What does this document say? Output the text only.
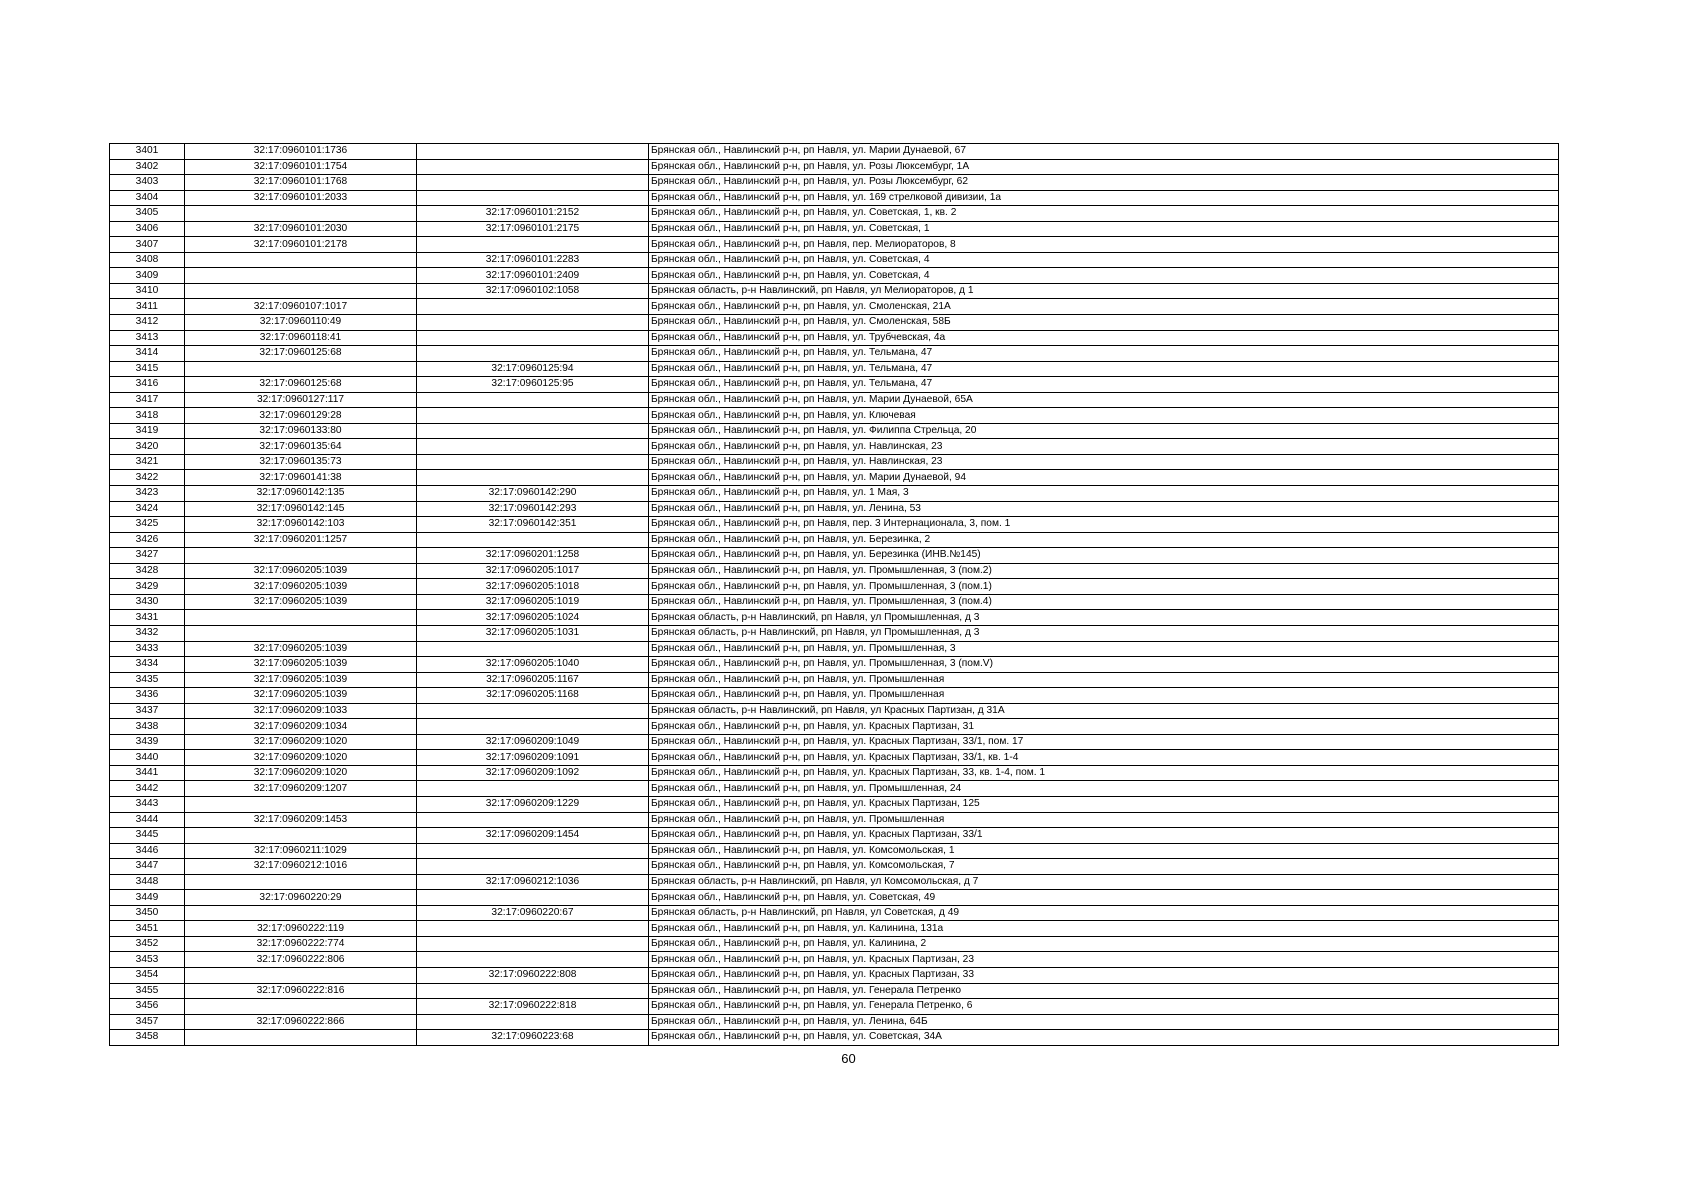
3401	32:17:0960101:1736		Брянская обл., Навлинский р-н, рп Навля, ул. Марии Дунаевой, 67
3402	32:17:0960101:1754		Брянская обл., Навлинский р-н, рп Навля, ул. Розы Люксембург, 1А
3403	32:17:0960101:1768		Брянская обл., Навлинский р-н, рп Навля, ул. Розы Люксембург, 62
3404	32:17:0960101:2033		Брянская обл., Навлинский р-н, рп Навля, ул. 169 стрелковой дивизии, 1а
3405		32:17:0960101:2152	Брянская обл., Навлинский р-н, рп Навля, ул. Советская, 1, кв. 2
3406	32:17:0960101:2030	32:17:0960101:2175	Брянская обл., Навлинский р-н, рп Навля, ул. Советская, 1
3407	32:17:0960101:2178		Брянская обл., Навлинский р-н, рп Навля, пер. Мелиораторов, 8
3408		32:17:0960101:2283	Брянская обл., Навлинский р-н, рп Навля, ул. Советская, 4
3409		32:17:0960101:2409	Брянская обл., Навлинский р-н, рп Навля, ул. Советская, 4
3410		32:17:0960102:1058	Брянская область, р-н Навлинский, рп Навля, ул Мелиораторов, д 1
3411	32:17:0960107:1017		Брянская обл., Навлинский р-н, рп Навля, ул. Смоленская, 21А
3412	32:17:0960110:49		Брянская обл., Навлинский р-н, рп Навля, ул. Смоленская, 58Б
3413	32:17:0960118:41		Брянская обл., Навлинский р-н, рп Навля, ул. Трубчевская, 4а
3414	32:17:0960125:68		Брянская обл., Навлинский р-н, рп Навля, ул. Тельмана, 47
3415		32:17:0960125:94	Брянская обл., Навлинский р-н, рп Навля, ул. Тельмана, 47
3416	32:17:0960125:68	32:17:0960125:95	Брянская обл., Навлинский р-н, рп Навля, ул. Тельмана, 47
3417	32:17:0960127:117		Брянская обл., Навлинский р-н, рп Навля, ул. Марии Дунаевой, 65А
3418	32:17:0960129:28		Брянская обл., Навлинский р-н, рп Навля, ул. Ключевая
3419	32:17:0960133:80		Брянская обл., Навлинский р-н, рп Навля, ул. Филиппа Стрельца, 20
3420	32:17:0960135:64		Брянская обл., Навлинский р-н, рп Навля, ул. Навлинская, 23
3421	32:17:0960135:73		Брянская обл., Навлинский р-н, рп Навля, ул. Навлинская, 23
3422	32:17:0960141:38		Брянская обл., Навлинский р-н, рп Навля, ул. Марии Дунаевой, 94
3423	32:17:0960142:135	32:17:0960142:290	Брянская обл., Навлинский р-н, рп Навля, ул. 1 Мая, 3
3424	32:17:0960142:145	32:17:0960142:293	Брянская обл., Навлинский р-н, рп Навля, ул. Ленина, 53
3425	32:17:0960142:103	32:17:0960142:351	Брянская обл., Навлинский р-н, рп Навля, пер. 3 Интернационала, 3, пом. 1
3426	32:17:0960201:1257		Брянская обл., Навлинский р-н, рп Навля, ул. Березинка, 2
3427		32:17:0960201:1258	Брянская обл., Навлинский р-н, рп Навля, ул. Березинка (ИНВ.№145)
3428	32:17:0960205:1039	32:17:0960205:1017	Брянская обл., Навлинский р-н, рп Навля, ул. Промышленная, 3 (пом.2)
3429	32:17:0960205:1039	32:17:0960205:1018	Брянская обл., Навлинский р-н, рп Навля, ул. Промышленная, 3 (пом.1)
3430	32:17:0960205:1039	32:17:0960205:1019	Брянская обл., Навлинский р-н, рп Навля, ул. Промышленная, 3 (пом.4)
3431		32:17:0960205:1024	Брянская область, р-н Навлинский, рп Навля, ул Промышленная, д 3
3432		32:17:0960205:1031	Брянская область, р-н Навлинский, рп Навля, ул Промышленная, д 3
3433	32:17:0960205:1039		Брянская обл., Навлинский р-н, рп Навля, ул. Промышленная, 3
3434	32:17:0960205:1039	32:17:0960205:1040	Брянская обл., Навлинский р-н, рп Навля, ул. Промышленная, 3 (пом.V)
3435	32:17:0960205:1039	32:17:0960205:1167	Брянская обл., Навлинский р-н, рп Навля, ул. Промышленная
3436	32:17:0960205:1039	32:17:0960205:1168	Брянская обл., Навлинский р-н, рп Навля, ул. Промышленная
3437	32:17:0960209:1033		Брянская область, р-н Навлинский, рп Навля, ул Красных Партизан, д 31А
3438	32:17:0960209:1034		Брянская обл., Навлинский р-н, рп Навля, ул. Красных Партизан, 31
3439	32:17:0960209:1020	32:17:0960209:1049	Брянская обл., Навлинский р-н, рп Навля, ул. Красных Партизан, 33/1, пом. 17
3440	32:17:0960209:1020	32:17:0960209:1091	Брянская обл., Навлинский р-н, рп Навля, ул. Красных Партизан, 33/1, кв. 1-4
3441	32:17:0960209:1020	32:17:0960209:1092	Брянская обл., Навлинский р-н, рп Навля, ул. Красных Партизан, 33, кв. 1-4, пом. 1
3442	32:17:0960209:1207		Брянская обл., Навлинский р-н, рп Навля, ул. Промышленная, 24
3443		32:17:0960209:1229	Брянская обл., Навлинский р-н, рп Навля, ул. Красных Партизан, 125
3444	32:17:0960209:1453		Брянская обл., Навлинский р-н, рп Навля, ул. Промышленная
3445		32:17:0960209:1454	Брянская обл., Навлинский р-н, рп Навля, ул. Красных Партизан, 33/1
3446	32:17:0960211:1029		Брянская обл., Навлинский р-н, рп Навля, ул. Комсомольская, 1
3447	32:17:0960212:1016		Брянская обл., Навлинский р-н, рп Навля, ул. Комсомольская, 7
3448		32:17:0960212:1036	Брянская область, р-н Навлинский, рп Навля, ул Комсомольская, д 7
3449	32:17:0960220:29		Брянская обл., Навлинский р-н, рп Навля, ул. Советская, 49
3450		32:17:0960220:67	Брянская область, р-н Навлинский, рп Навля, ул Советская, д 49
3451	32:17:0960222:119		Брянская обл., Навлинский р-н, рп Навля, ул. Калинина, 131а
3452	32:17:0960222:774		Брянская обл., Навлинский р-н, рп Навля, ул. Калинина, 2
3453	32:17:0960222:806		Брянская обл., Навлинский р-н, рп Навля, ул. Красных Партизан, 23
3454		32:17:0960222:808	Брянская обл., Навлинский р-н, рп Навля, ул. Красных Партизан, 33
3455	32:17:0960222:816		Брянская обл., Навлинский р-н, рп Навля, ул. Генерала Петренко
3456		32:17:0960222:818	Брянская обл., Навлинский р-н, рп Навля, ул. Генерала Петренко, 6
3457	32:17:0960222:866		Брянская обл., Навлинский р-н, рп Навля, ул. Ленина, 64Б
3458		32:17:0960223:68	Брянская обл., Навлинский р-н, рп Навля, ул. Советская, 34А
60
